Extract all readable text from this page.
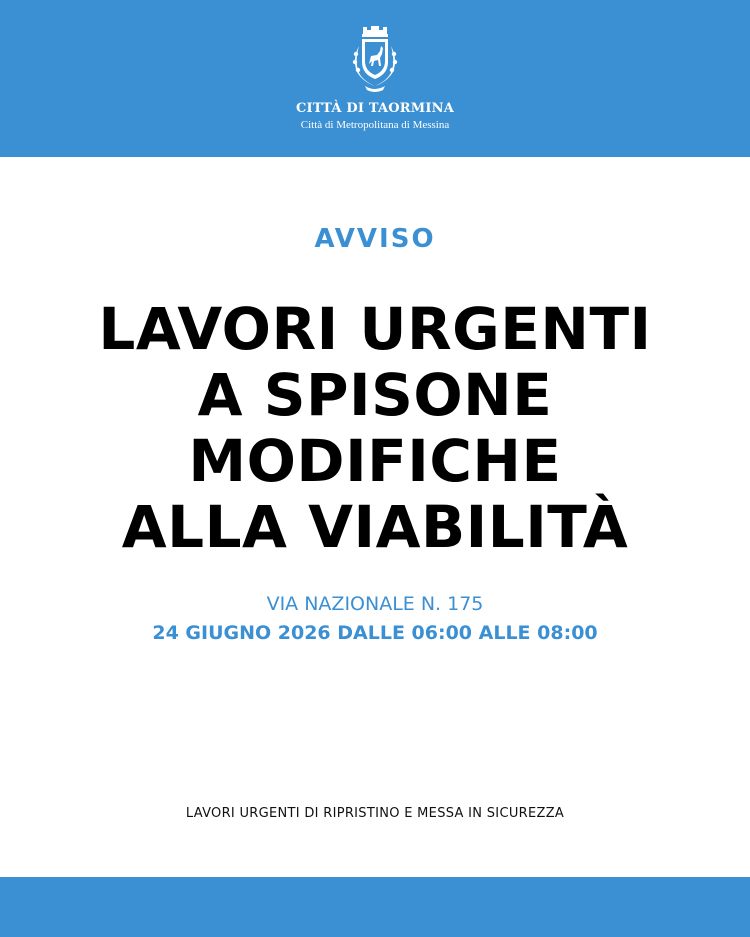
CITTÀ DI TAORMINA
Città di Metropolitana di Messina
AVVISO
LAVORI URGENTI
A SPISONE
MODIFICHE
ALLA VIABILITÀ
VIA NAZIONALE N. 175
24 GIUGNO 2026 DALLE 06:00 ALLE 08:00
LAVORI URGENTI DI RIPRISTINO E MESSA IN SICUREZZA
